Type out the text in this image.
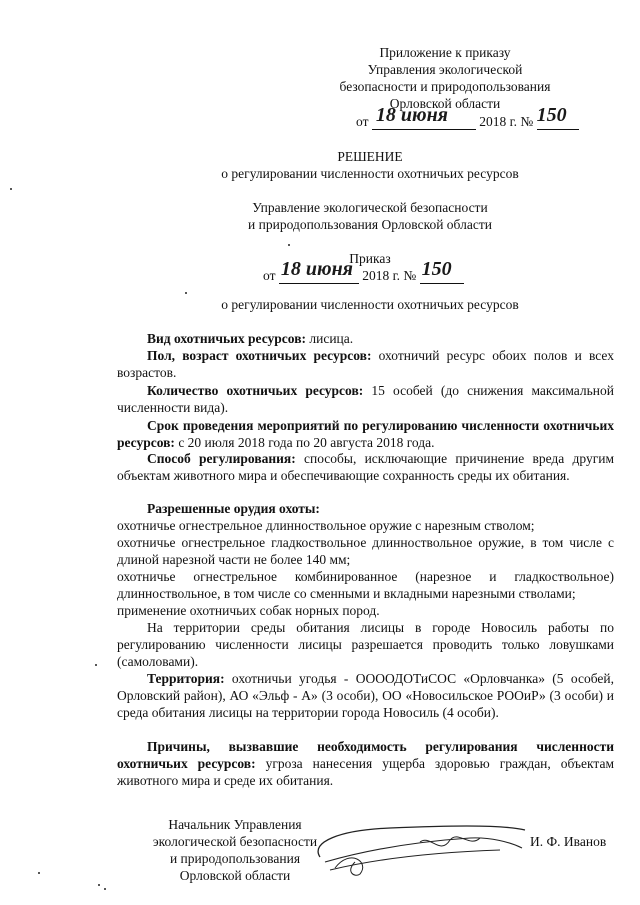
Приложение к приказу
Управления экологической
безопасности и природопользования
Орловской области
от 18 июня 2018 г. № 150
РЕШЕНИЕ
о регулировании численности охотничьих ресурсов
Управление экологической безопасности
и природопользования Орловской области
Приказ
от 18 июня 2018 г. № 150
о регулировании численности охотничьих ресурсов
Вид охотничьих ресурсов: лисица.
Пол, возраст охотничьих ресурсов: охотничий ресурс обоих полов и всех возрастов.
Количество охотничьих ресурсов: 15 особей (до снижения максимальной численности вида).
Срок проведения мероприятий по регулированию численности охотничьих ресурсов: с 20 июля 2018 года по 20 августа 2018 года.
Способ регулирования: способы, исключающие причинение вреда другим объектам животного мира и обеспечивающие сохранность среды их обитания.
Разрешенные орудия охоты:
охотничье огнестрельное длинноствольное оружие с нарезным стволом;
охотничье огнестрельное гладкоствольное длинноствольное оружие, в том числе с длиной нарезной части не более 140 мм;
охотничье огнестрельное комбинированное (нарезное и гладкоствольное) длинноствольное, в том числе со сменными и вкладными нарезными стволами;
применение охотничьих собак норных пород.
На территории среды обитания лисицы в городе Новосиль работы по регулированию численности лисицы разрешается проводить только ловушками (самоловами).
Территория: охотничьи угодья - ООООДОТиСОС «Орловчанка» (5 особей, Орловский район), АО «Эльф - А» (3 особи), ОО «Новосильское РООиР» (3 особи) и среда обитания лисицы на территории города Новосиль (4 особи).
Причины, вызвавшие необходимость регулирования численности охотничьих ресурсов: угроза нанесения ущерба здоровью граждан, объектам животного мира и среде их обитания.
Начальник Управления
экологической безопасности
и природопользования
Орловской области
И. Ф. Иванов
